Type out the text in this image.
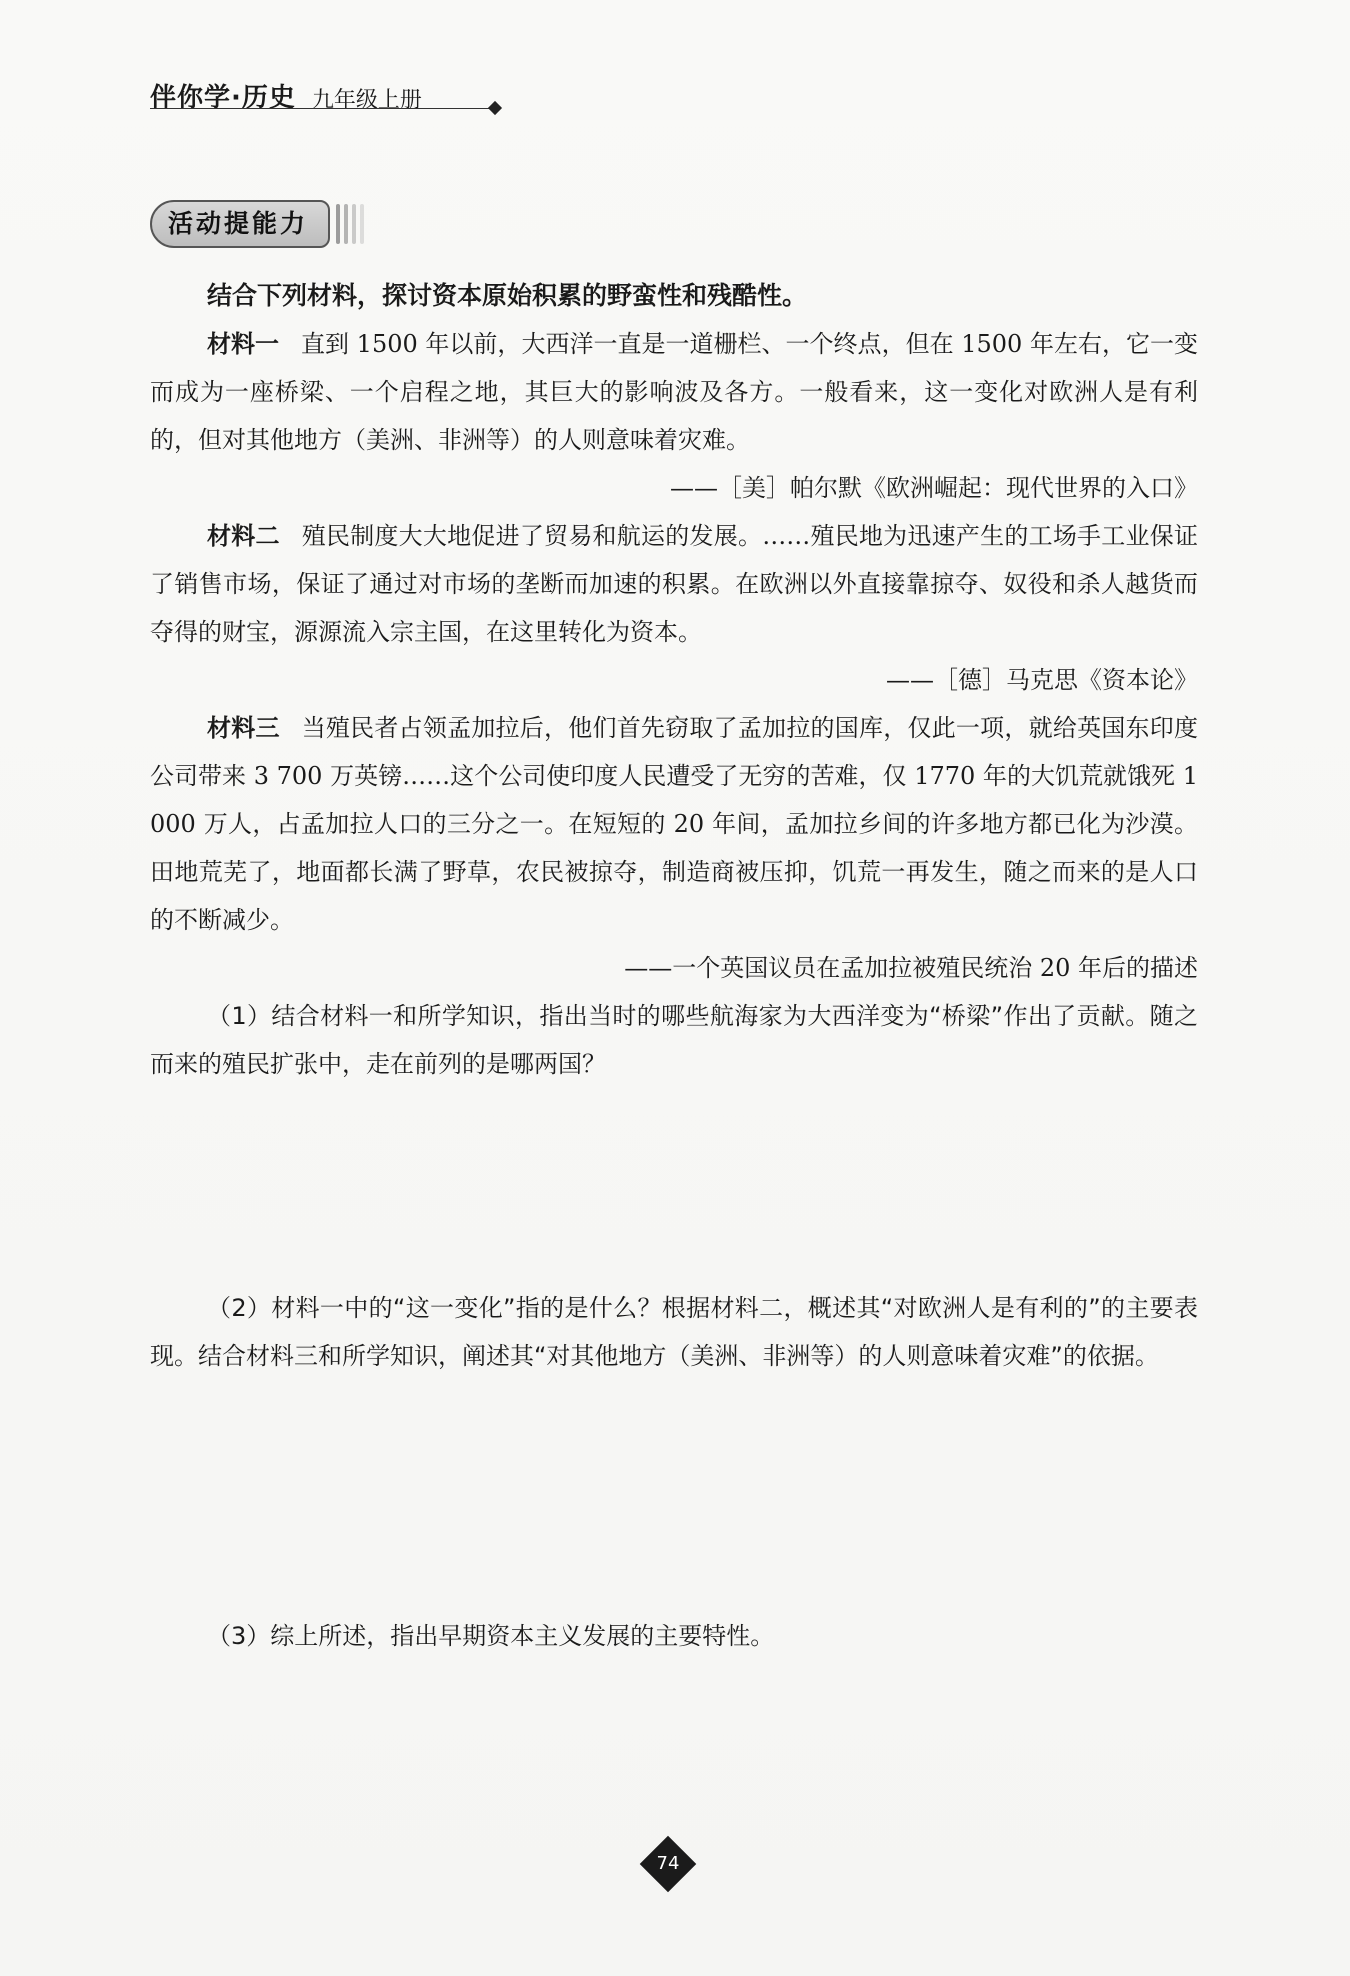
伴你学·历史 九年级上册
活动提能力
结合下列材料，探讨资本原始积累的野蛮性和残酷性。
材料一 直到 1500 年以前，大西洋一直是一道栅栏、一个终点，但在 1500 年左右，它一变而成为一座桥梁、一个启程之地，其巨大的影响波及各方。一般看来，这一变化对欧洲人是有利的，但对其他地方（美洲、非洲等）的人则意味着灾难。
——［美］帕尔默《欧洲崛起：现代世界的入口》
材料二 殖民制度大大地促进了贸易和航运的发展。……殖民地为迅速产生的工场手工业保证了销售市场，保证了通过对市场的垄断而加速的积累。在欧洲以外直接靠掠夺、奴役和杀人越货而夺得的财宝，源源流入宗主国，在这里转化为资本。
——［德］马克思《资本论》
材料三 当殖民者占领孟加拉后，他们首先窃取了孟加拉的国库，仅此一项，就给英国东印度公司带来 3 700 万英镑……这个公司使印度人民遭受了无穷的苦难，仅 1770 年的大饥荒就饿死 1 000 万人，占孟加拉人口的三分之一。在短短的 20 年间，孟加拉乡间的许多地方都已化为沙漠。田地荒芜了，地面都长满了野草，农民被掠夺，制造商被压抑，饥荒一再发生，随之而来的是人口的不断减少。
——一个英国议员在孟加拉被殖民统治 20 年后的描述
（1）结合材料一和所学知识，指出当时的哪些航海家为大西洋变为“桥梁”作出了贡献。随之而来的殖民扩张中，走在前列的是哪两国？
（2）材料一中的“这一变化”指的是什么？根据材料二，概述其“对欧洲人是有利的”的主要表现。结合材料三和所学知识，阐述其“对其他地方（美洲、非洲等）的人则意味着灾难”的依据。
（3）综上所述，指出早期资本主义发展的主要特性。
74
